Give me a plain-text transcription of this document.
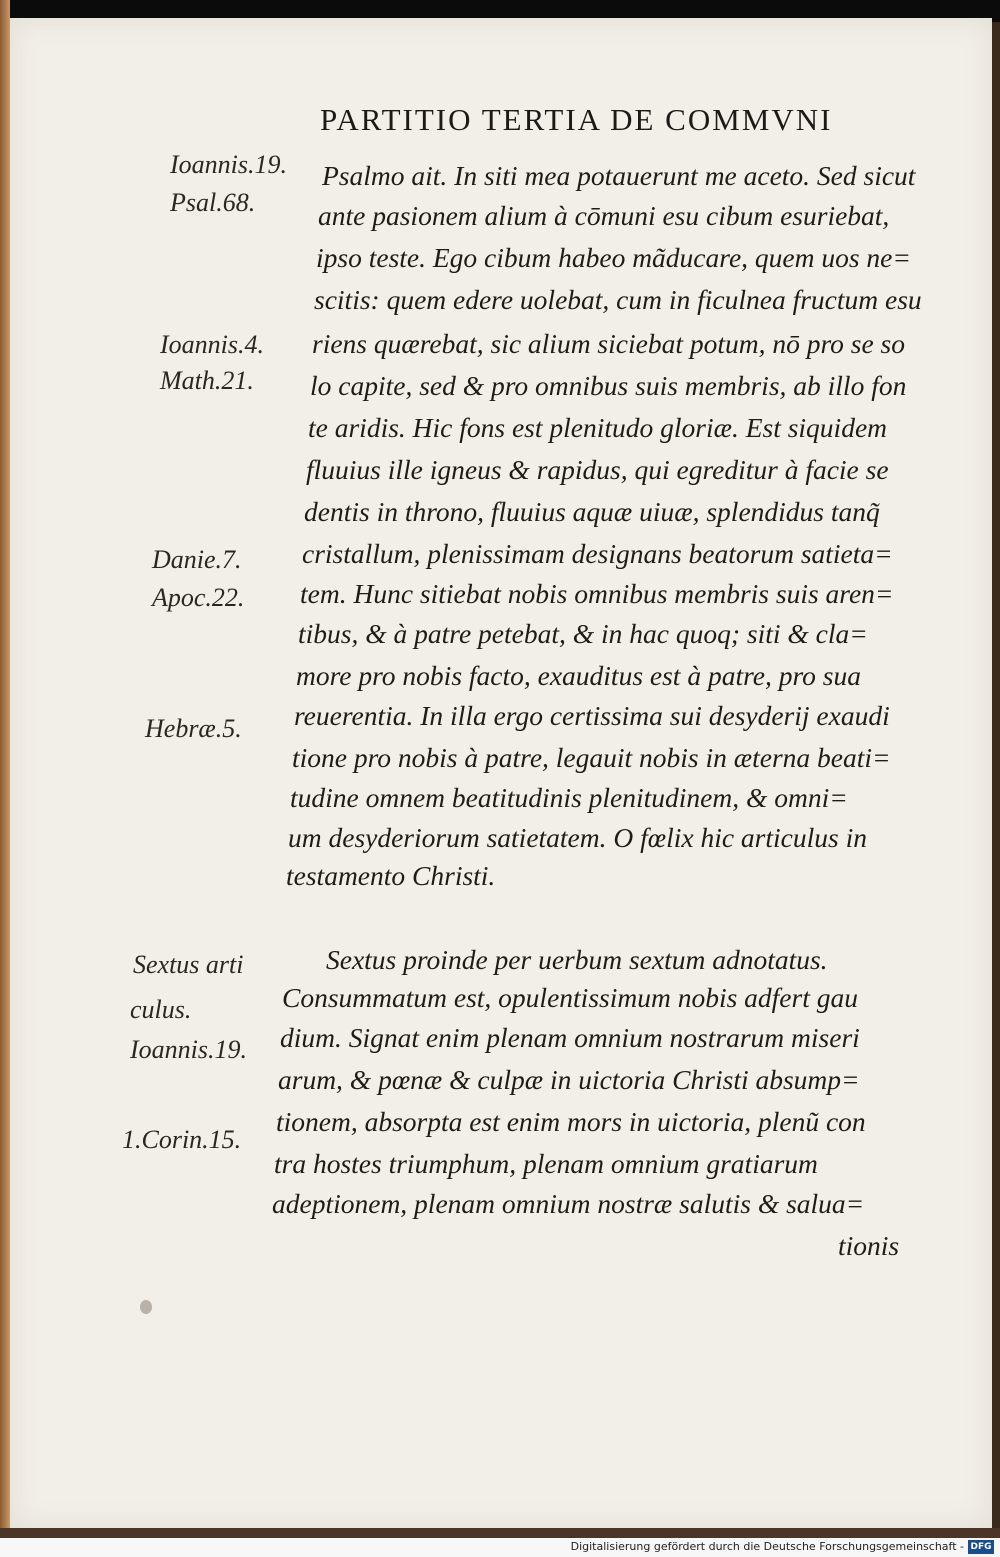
PARTITIO TERTIA DE COMMVNI
Ioannis.19.
Psal.68.
Ioannis.4.
Math.21.
Danie.7.
Apoc.22.
Hebræ.5.
Sextus arti
culus.
Ioannis.19.
1.Corin.15.
Psalmo ait. In siti mea potauerunt me aceto. Sed sicut
ante pasionem alium à cōmuni esu cibum esuriebat,
ipso teste. Ego cibum habeo mãducare, quem uos ne=
scitis: quem edere uolebat, cum in ficulnea fructum esu
riens quærebat, sic alium siciebat potum, nō pro se so
lo capite, sed & pro omnibus suis membris, ab illo fon
te aridis. Hic fons est plenitudo gloriæ. Est siquidem
fluuius ille igneus & rapidus, qui egreditur à facie se
dentis in throno, fluuius aquæ uiuæ, splendidus tanq̃
cristallum, plenissimam designans beatorum satieta=
tem. Hunc sitiebat nobis omnibus membris suis aren=
tibus, & à patre petebat, & in hac quoq; siti & cla=
more pro nobis facto, exauditus est à patre, pro sua
reuerentia. In illa ergo certissima sui desyderij exaudi
tione pro nobis à patre, legauit nobis in æterna beati=
tudine omnem beatitudinis plenitudinem, & omni=
um desyderiorum satietatem. O fœlix hic articulus in
testamento Christi.
Sextus proinde per uerbum sextum adnotatus.
Consummatum est, opulentissimum nobis adfert gau
dium. Signat enim plenam omnium nostrarum miseri
arum, & pœnæ & culpæ in uictoria Christi absump=
tionem, absorpta est enim mors in uictoria, plenũ con
tra hostes triumphum, plenam omnium gratiarum
adeptionem, plenam omnium nostræ salutis & salua=
tionis
Digitalisierung gefördert durch die Deutsche Forschungsgemeinschaft - DFG
